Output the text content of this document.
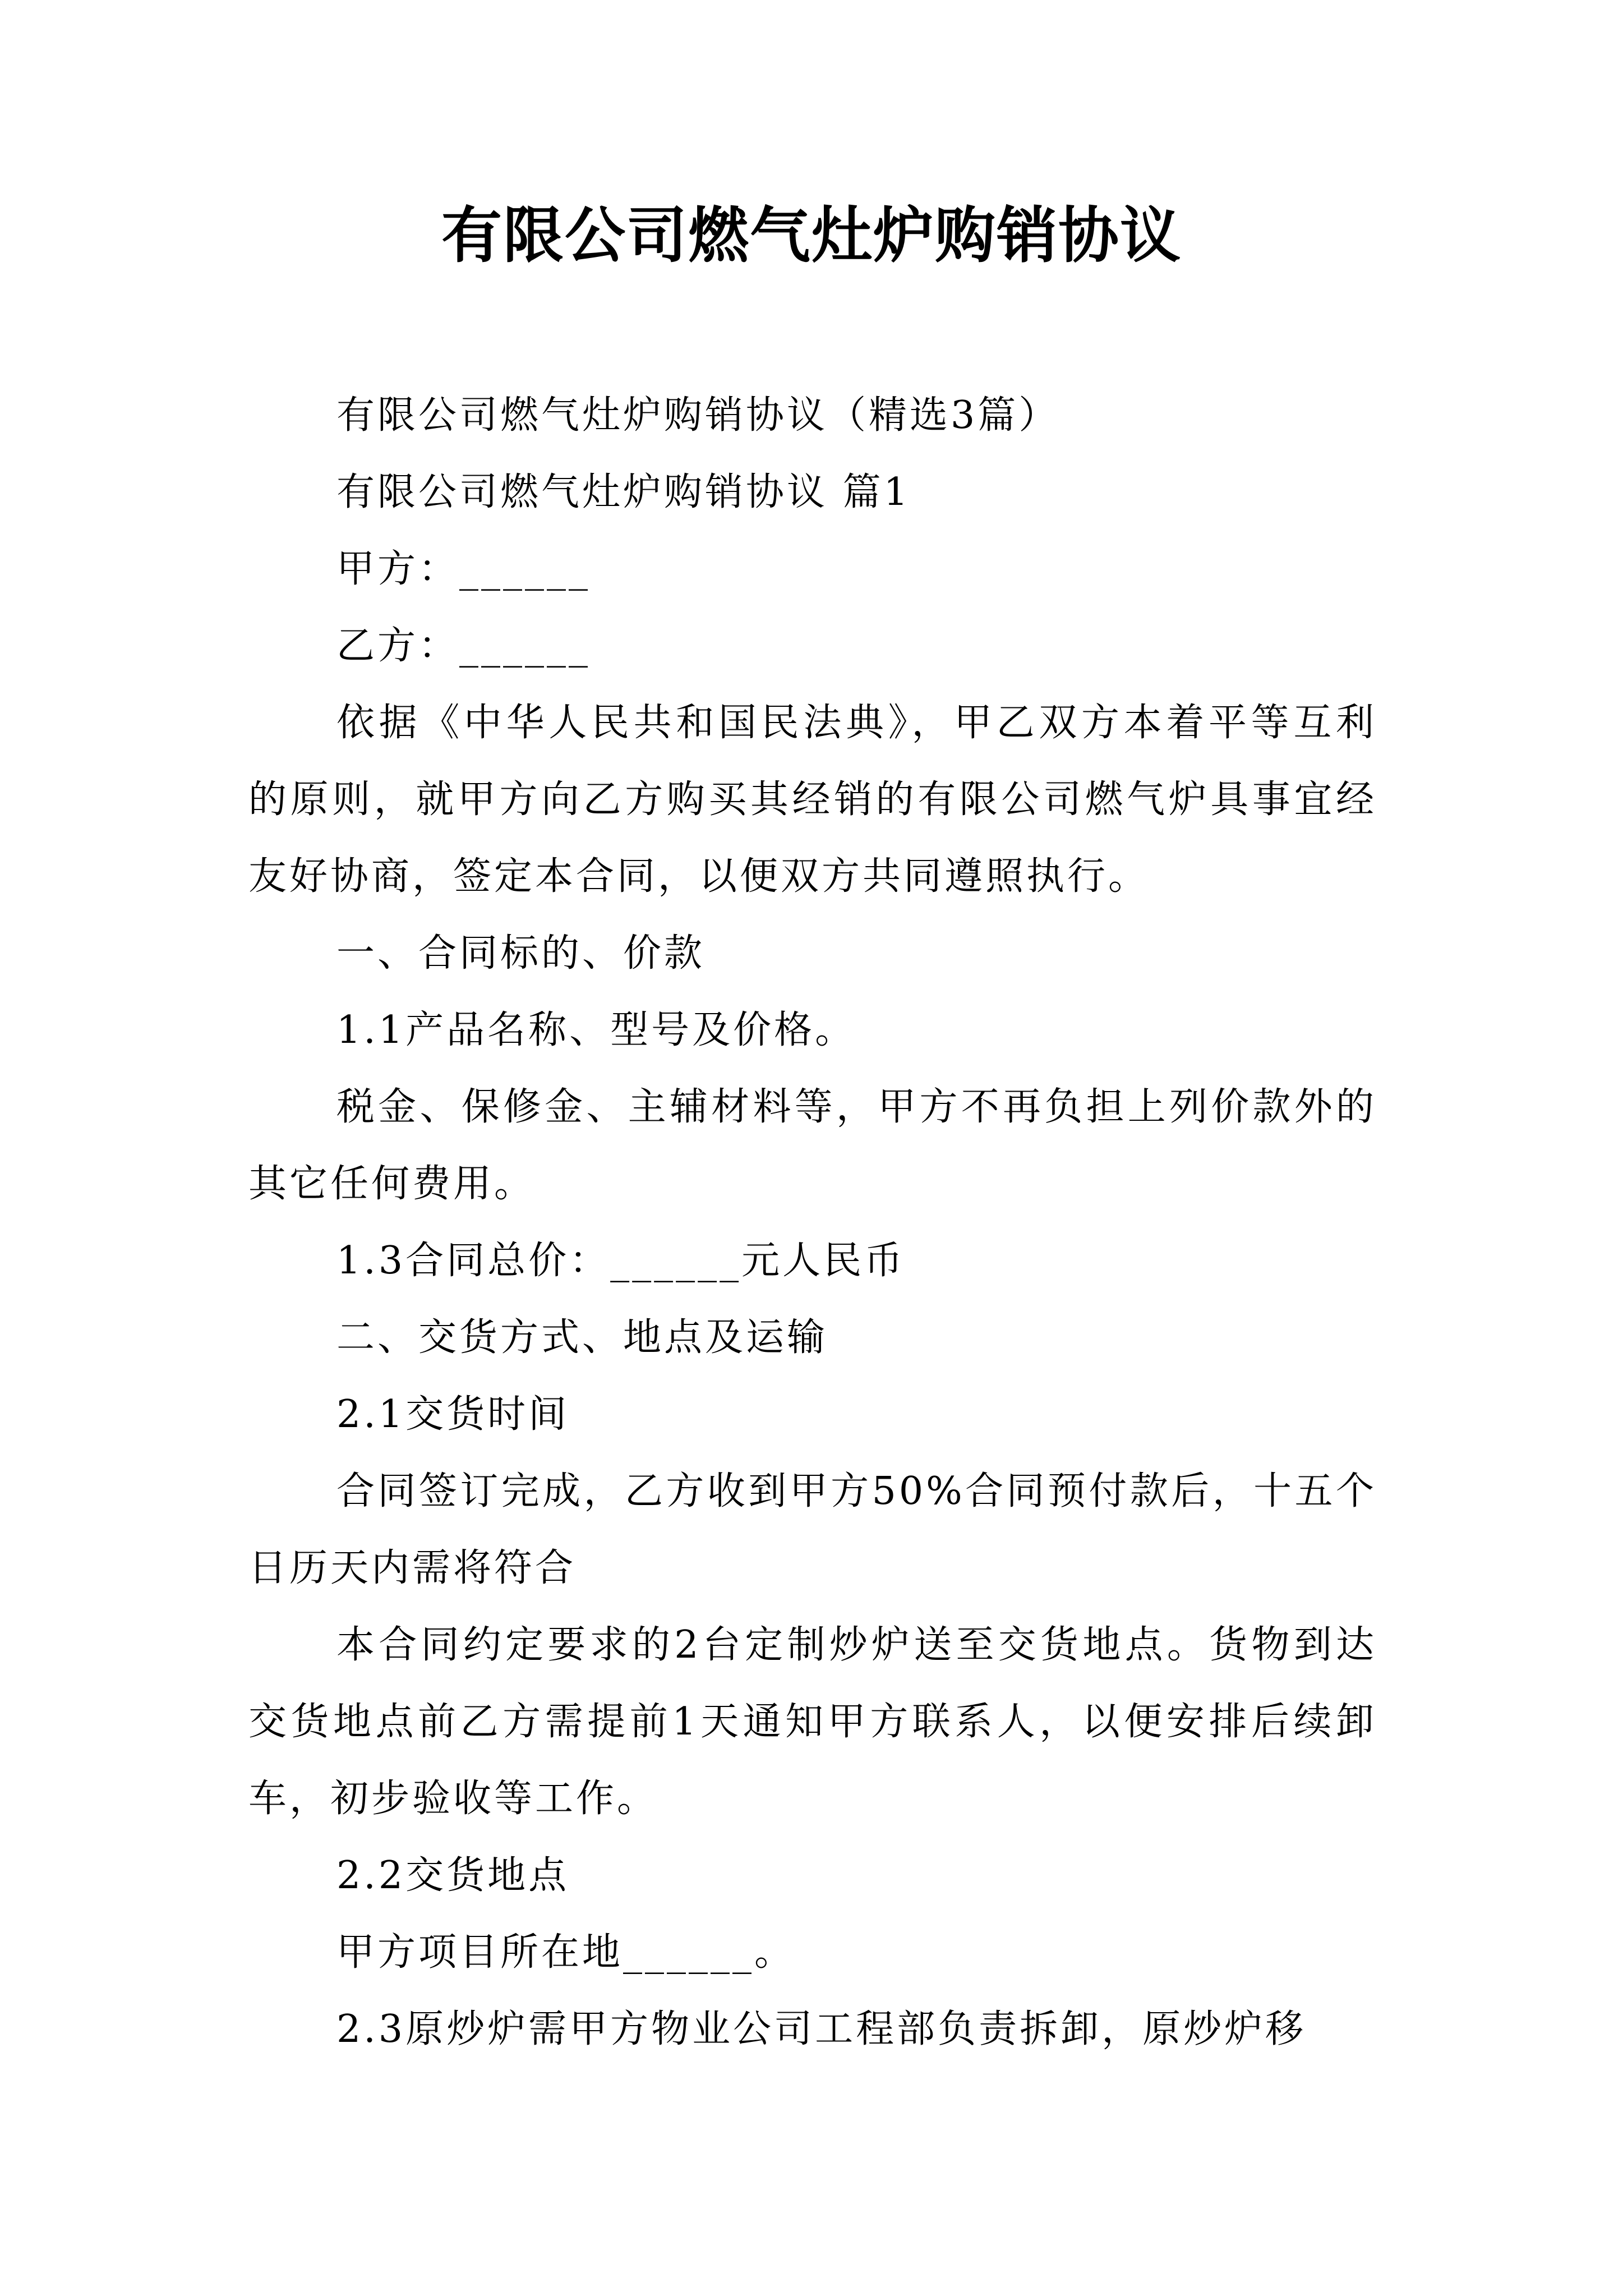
有限公司燃气灶炉购销协议

有限公司燃气灶炉购销协议（精选3篇）

有限公司燃气灶炉购销协议 篇1

甲方：______

乙方：______

依据《中华人民共和国民法典》，甲乙双方本着平等互利的原则，就甲方向乙方购买其经销的有限公司燃气炉具事宜经友好协商，签定本合同，以便双方共同遵照执行。

一、合同标的、价款

1.1产品名称、型号及价格。

税金、保修金、主辅材料等，甲方不再负担上列价款外的其它任何费用。

1.3合同总价：______元人民币

二、交货方式、地点及运输

2.1交货时间

合同签订完成，乙方收到甲方50%合同预付款后，十五个日历天内需将符合

本合同约定要求的2台定制炒炉送至交货地点。货物到达交货地点前乙方需提前1天通知甲方联系人，以便安排后续卸车，初步验收等工作。

2.2交货地点

甲方项目所在地______。

2.3原炒炉需甲方物业公司工程部负责拆卸，原炒炉移
